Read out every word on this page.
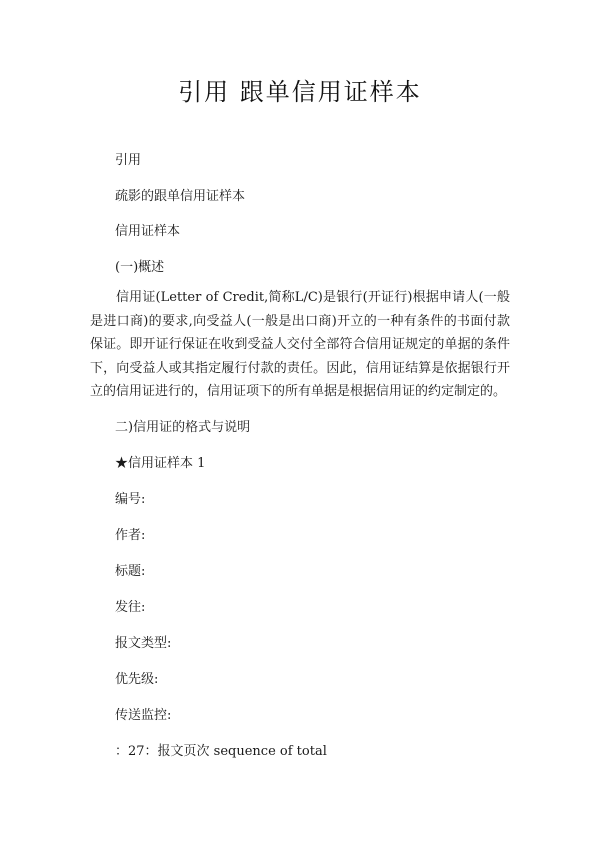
引用 跟单信用证样本
引用
疏影的跟单信用证样本
信用证样本
(一)概述
信用证(Letter of Credit,简称L/C)是银行(开证行)根据申请人(一般是进口商)的要求,向受益人(一般是出口商)开立的一种有条件的书面付款保证。即开证行保证在收到受益人交付全部符合信用证规定的单据的条件下，向受益人或其指定履行付款的责任。因此，信用证结算是依据银行开立的信用证进行的，信用证项下的所有单据是根据信用证的约定制定的。
二)信用证的格式与说明
★信用证样本 1
编号:
作者:
标题:
发往:
报文类型:
优先级:
传送监控:
：27：报文页次 sequence of total
